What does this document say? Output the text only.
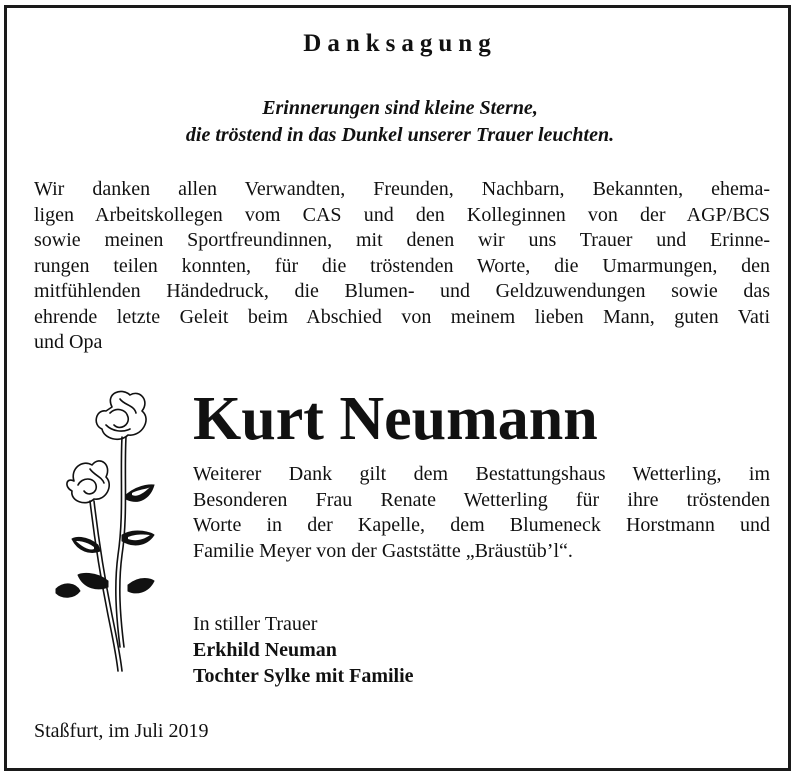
Danksagung
Erinnerungen sind kleine Sterne,
die tröstend in das Dunkel unserer Trauer leuchten.
Wir danken allen Verwandten, Freunden, Nachbarn, Bekannten, ehema-
ligen Arbeitskollegen vom CAS und den Kolleginnen von der AGP/BCS
sowie meinen Sportfreundinnen, mit denen wir uns Trauer und Erinne-
rungen teilen konnten, für die tröstenden Worte, die Umarmungen, den
mitfühlenden Händedruck, die Blumen- und Geldzuwendungen sowie das
ehrende letzte Geleit beim Abschied von meinem lieben Mann, guten Vati
und Opa
Kurt Neumann
Weiterer Dank gilt dem Bestattungshaus Wetterling, im
Besonderen Frau Renate Wetterling für ihre tröstenden
Worte in der Kapelle, dem Blumeneck Horstmann und
Familie Meyer von der Gaststätte „Bräustüb’l“.
In stiller Trauer
Erkhild Neuman
Tochter Sylke mit Familie
Staßfurt, im Juli 2019
